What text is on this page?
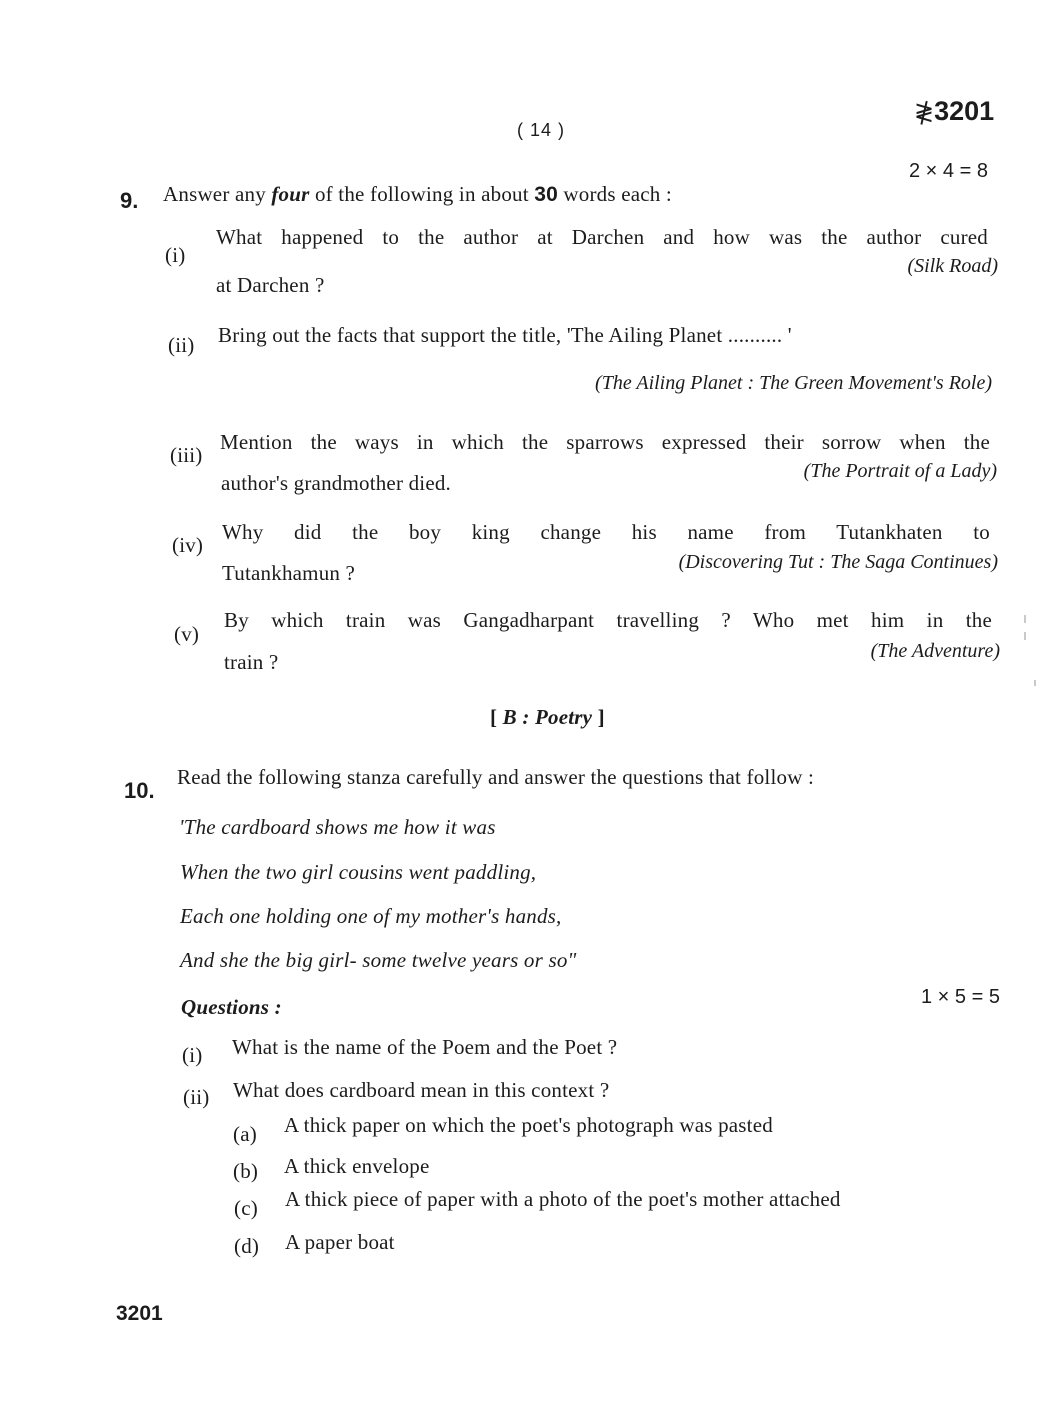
( 14 )
≹3201
2 × 4 = 8
9. Answer any four of the following in about 30 words each :
(i)
What happened to the author at Darchen and how was the author cured
at Darchen ?
(Silk Road)
(ii) Bring out the facts that support the title, 'The Ailing Planet .......... '
(The Ailing Planet : The Green Movement's Role)
(iii)
Mention the ways in which the sparrows expressed their sorrow when the
author's grandmother died.	(The Portrait of a Lady)
(iv)
Why did the boy king change his name from Tutankhaten to
Tutankhamun ?	(Discovering Tut : The Saga Continues)
(v)
By which train was Gangadharpant travelling ? Who met him in the
train ?	(The Adventure)
[ B : Poetry ]
10.
Read the following stanza carefully and answer the questions that follow :
'The cardboard shows me how it was
When the two girl cousins went paddling,
Each one holding one of my mother's hands,
And she the big girl- some twelve years or so"
Questions :	1 × 5 = 5
(i) What is the name of the Poem and the Poet ?
(ii) What does cardboard mean in this context ?
(a) A thick paper on which the poet's photograph was pasted
(b) A thick envelope
(c) A thick piece of paper with a photo of the poet's mother attached
(d) A paper boat
3201
